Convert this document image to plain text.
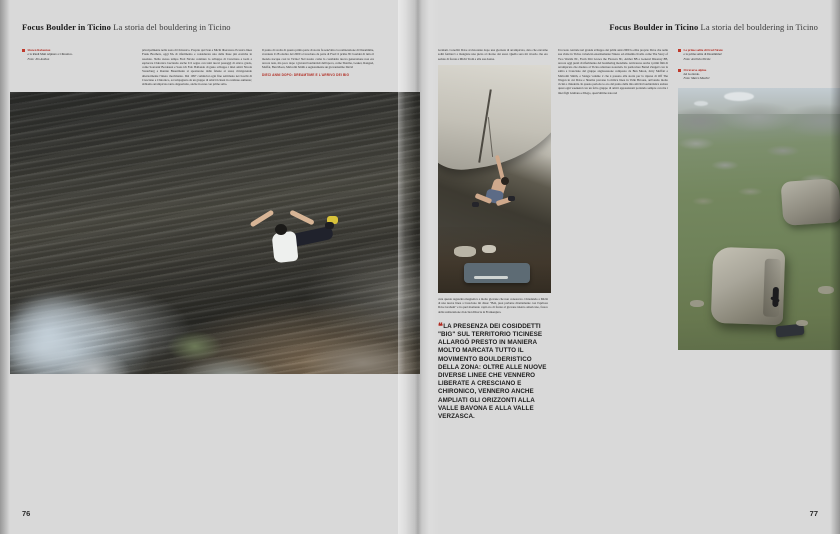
Focus Boulder in Ticino La storia del bouldering in Ticino
Shawn Raboutou
e la Riedi Muti Alpinex a Chironico.
Foto: Jim Anthon
principalmente nella zona di Chironico. Proprio qui Ivan e Michi liberarono l'iconica linea Freak Brothers, oggi 8A di riferimento e considerata una delle linee più erotiche in assoluto. Nello stesso tempo Fred Nicole continuò lo sviluppo di Cresciano e isolò a esplorare Chironico lasciando anche li il segno con tanti nuovi passaggi di ottavo grado, come Souvenir Bordeaux e Sons ich Fair. Ballando di gusto sviluppo i miei amici Nicola Vonarburg e Ronnie Bauermann si spostarono dalle falesie ai sassi, rinvigorendo ulteriormente l'intero movimento. Dal 1997 cominciai ogni fine settimana nei boschi di Cresciano e Chironico, accompagnato da un gruppo di amici ticinesi in continuo aumento; abbiamo arrampicato tanto dappertutto, anche in zone con primo salto.
Il punto di svolta di questa prima parte di storia fu senz'altro la realizzazione di Dreamtime, avvenuta il 28 ottobre del 2000 a Cresciano da parte di Fred: il primo 8C boulder di tutto il mondo nacque così in Ticino! Nel nostro coma la cosiddetta nuova generazione non era ancora nata, ma poco dopo i giovani boulderisti dell'epoca, come Sharma, Lesker, Rangeel, Moffat, Ben Moon, Malcolm Smith e segnatamente un giovanissimo David
DIECI ANNI DOPO: DREAMTIME E L'ARRIVO DEI BIG
76
Focus Boulder in Ticino La storia del bouldering in Ticino
Graham. Conobbi Dave al ristorante dopo una giornata di arrampicata, dato che eravamo soliti fermarci a mangiare una pizza al ritorno dai sassi. Quella sera mi ricordo che ero seduto di fronte a Michi Troth e alla sua donna.
cura questa ragazzina magnetica a molto giovane che non conoscevo. Chiedendo a Michi di una nuova linea a Cresciano mi disse: "Beh, puoi parlarne direttamente con l'apritore Dave Graham" e in quel momento capii ero di fronte al giovane talento americano, fresco della realizzazione di Action Directe in Frankenjura.
❝LA PRESENZA DEI COSIDDETTI "BIG" SUL TERRITORIO TICINESE ALLARGÒ PRESTO IN MANIERA MOLTO MARCATA TUTTO IL MOVIMENTO BOULDERISTICO DELLA ZONA: OLTRE ALLE NUOVE DIVERSE LINEE CHE VENNERO LIBERATE A CRESCIANO E CHIRONICO, VENNERO ANCHE AMPLIATI GLI ORIZZONTI ALLA VALLE BAVONA E ALLA VALLE VERZASCA.
Un ruolo centrale nel grande sviluppo dei primi anni 2000 lo ebbe proprio Dave che nelle sue visite in Ticino valorizzò enormemente l'intero ed altissimo livello come The Story of Two Worlds 8C, From Dirt Grows the Flowers 8C, Amber 8B e General Disarray 8B, ancora oggi punti di riferimento del bouldering mondiale. Arrivarono anche i primi film di arrampicata che diedero al Ticino ulteriore notorietà. In particolare Bernd Zangerl con la salita a Cresciano del gruppo anglosassone composto da Ben Moon, Jerry Moffatt e Malcolm Smith, e Stange volume 2 che è passato alla storia per la ripresa di Off The Wagon in cui Dave e Sharma provano la mitica linea in Valle Bavona, arrivando molto vicini a chiuderla. In questo periodo io ero dal punto della mia attività boulderistica andare quasi ogni weekend con un folto gruppo di amici appassionati portando sempre con me i miei figli Giuliano e Diego, quest'ultimo nato nel
Le prime salite di Fred Nicole
e la prima salita di Dreamtime!
Foto: Archivio Nicole
Il traverso alpino
del Gottardo.
Foto: Marco Mueller
77
